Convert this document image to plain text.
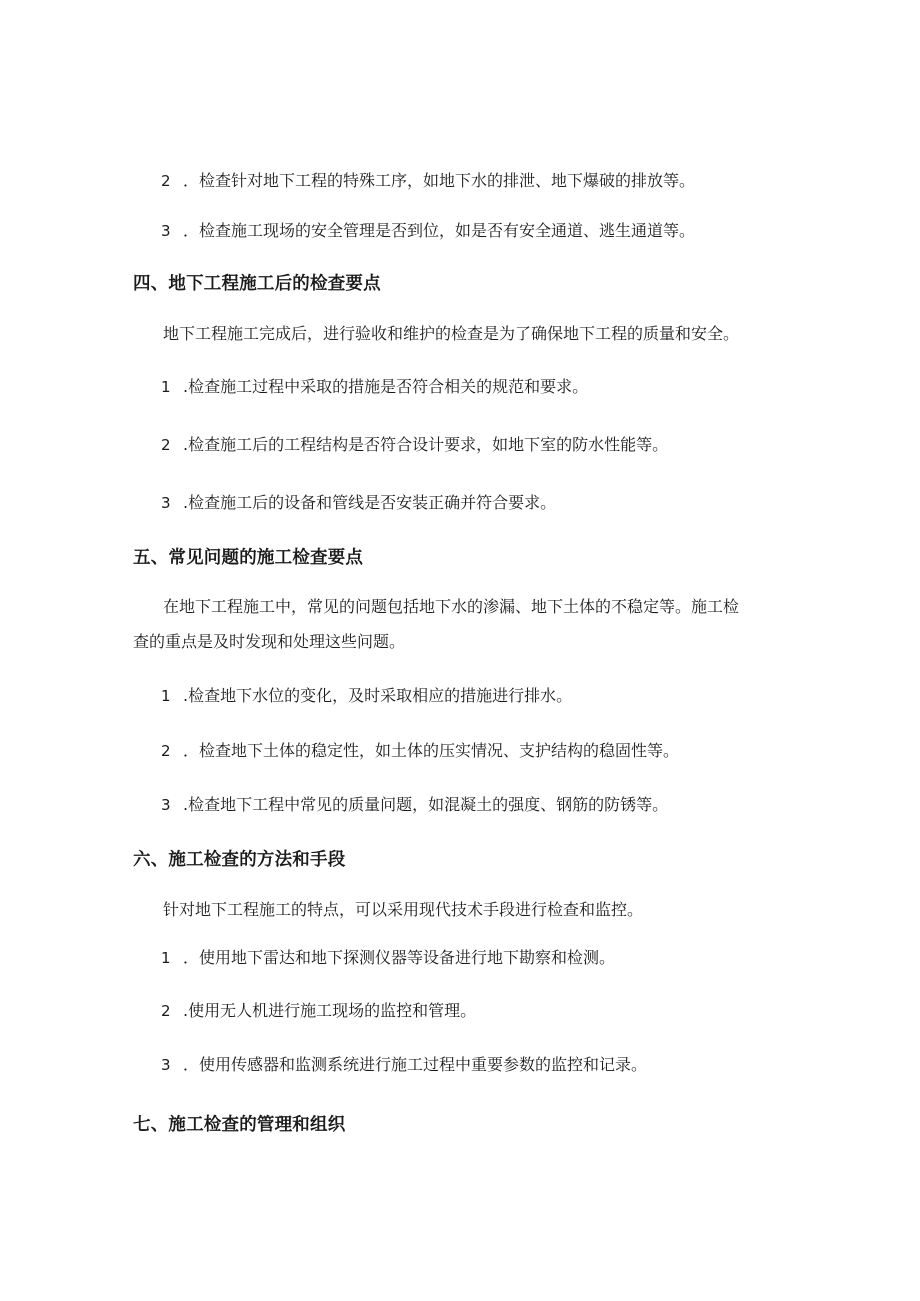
2 ．检查针对地下工程的特殊工序，如地下水的排泄、地下爆破的排放等。
3 ．检查施工现场的安全管理是否到位，如是否有安全通道、逃生通道等。
四、地下工程施工后的检查要点
地下工程施工完成后，进行验收和维护的检查是为了确保地下工程的质量和安全。
1 .检查施工过程中采取的措施是否符合相关的规范和要求。
2 .检查施工后的工程结构是否符合设计要求，如地下室的防水性能等。
3 .检查施工后的设备和管线是否安装正确并符合要求。
五、常见问题的施工检查要点
在地下工程施工中，常见的问题包括地下水的渗漏、地下土体的不稳定等。施工检
查的重点是及时发现和处理这些问题。
1 .检查地下水位的变化，及时采取相应的措施进行排水。
2 ．检查地下土体的稳定性，如土体的压实情况、支护结构的稳固性等。
3 .检查地下工程中常见的质量问题，如混凝土的强度、钢筋的防锈等。
六、施工检查的方法和手段
针对地下工程施工的特点，可以采用现代技术手段进行检查和监控。
1 ．使用地下雷达和地下探测仪器等设备进行地下勘察和检测。
2 .使用无人机进行施工现场的监控和管理。
3 ．使用传感器和监测系统进行施工过程中重要参数的监控和记录。
七、施工检查的管理和组织
